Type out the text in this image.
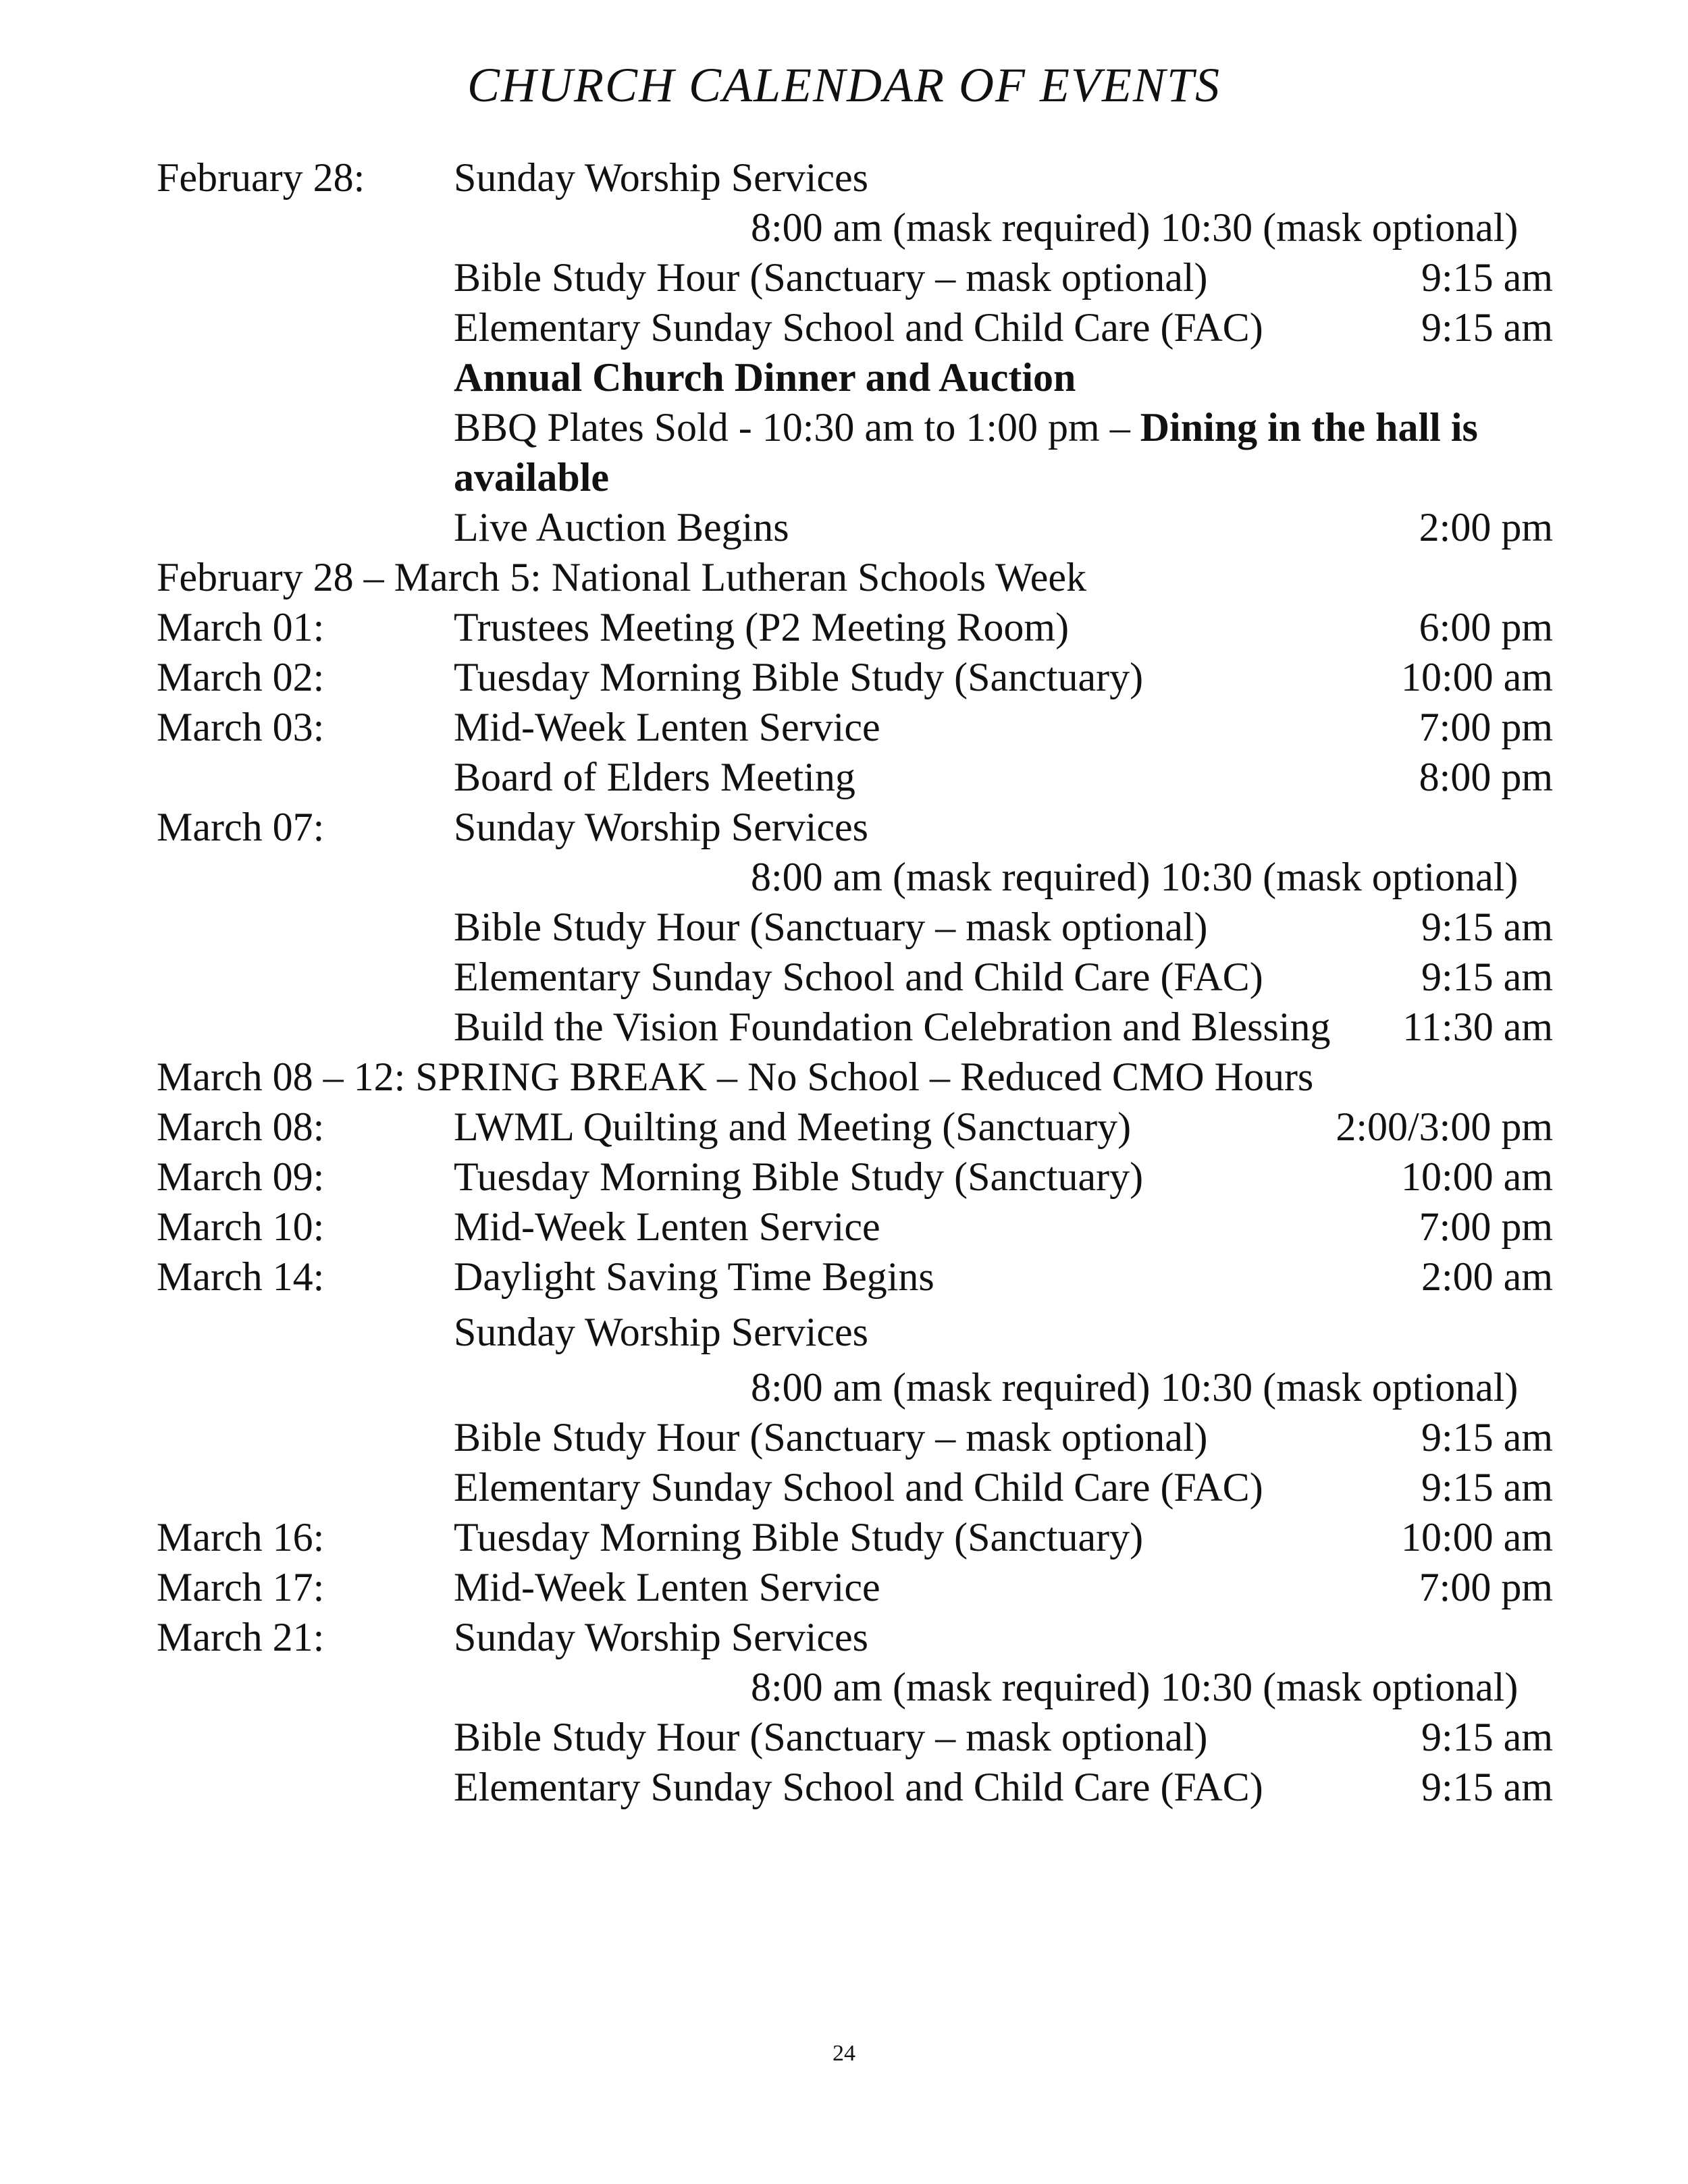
CHURCH CALENDAR OF EVENTS
February 28: Sunday Worship Services
8:00 am (mask required) 10:30 (mask optional)
Bible Study Hour (Sanctuary – mask optional)	9:15 am
Elementary Sunday School and Child Care (FAC)	9:15 am
Annual Church Dinner and Auction
BBQ Plates Sold - 10:30 am to 1:00 pm – Dining in the hall is
available
Live Auction Begins	2:00 pm
February 28 – March 5: National Lutheran Schools Week
March 01:	Trustees Meeting (P2 Meeting Room)	6:00 pm
March 02:	Tuesday Morning Bible Study (Sanctuary)	10:00 am
March 03:	Mid-Week Lenten Service	7:00 pm
Board of Elders Meeting	8:00 pm
March 07:	Sunday Worship Services
8:00 am (mask required) 10:30 (mask optional)
Bible Study Hour (Sanctuary – mask optional)	9:15 am
Elementary Sunday School and Child Care (FAC)	9:15 am
Build the Vision Foundation Celebration and Blessing 11:30 am
March 08 – 12: SPRING BREAK – No School – Reduced CMO Hours
March 08:	LWML Quilting and Meeting (Sanctuary)	2:00/3:00 pm
March 09:	Tuesday Morning Bible Study (Sanctuary)	10:00 am
March 10:	Mid-Week Lenten Service	7:00 pm
March 14:	Daylight Saving Time Begins	2:00 am
Sunday Worship Services
8:00 am (mask required) 10:30 (mask optional)
Bible Study Hour (Sanctuary – mask optional)	9:15 am
Elementary Sunday School and Child Care (FAC)	9:15 am
March 16:	Tuesday Morning Bible Study (Sanctuary)	10:00 am
March 17:	Mid-Week Lenten Service	7:00 pm
March 21:	Sunday Worship Services
8:00 am (mask required) 10:30 (mask optional)
Bible Study Hour (Sanctuary – mask optional)	9:15 am
Elementary Sunday School and Child Care (FAC)	9:15 am
24
